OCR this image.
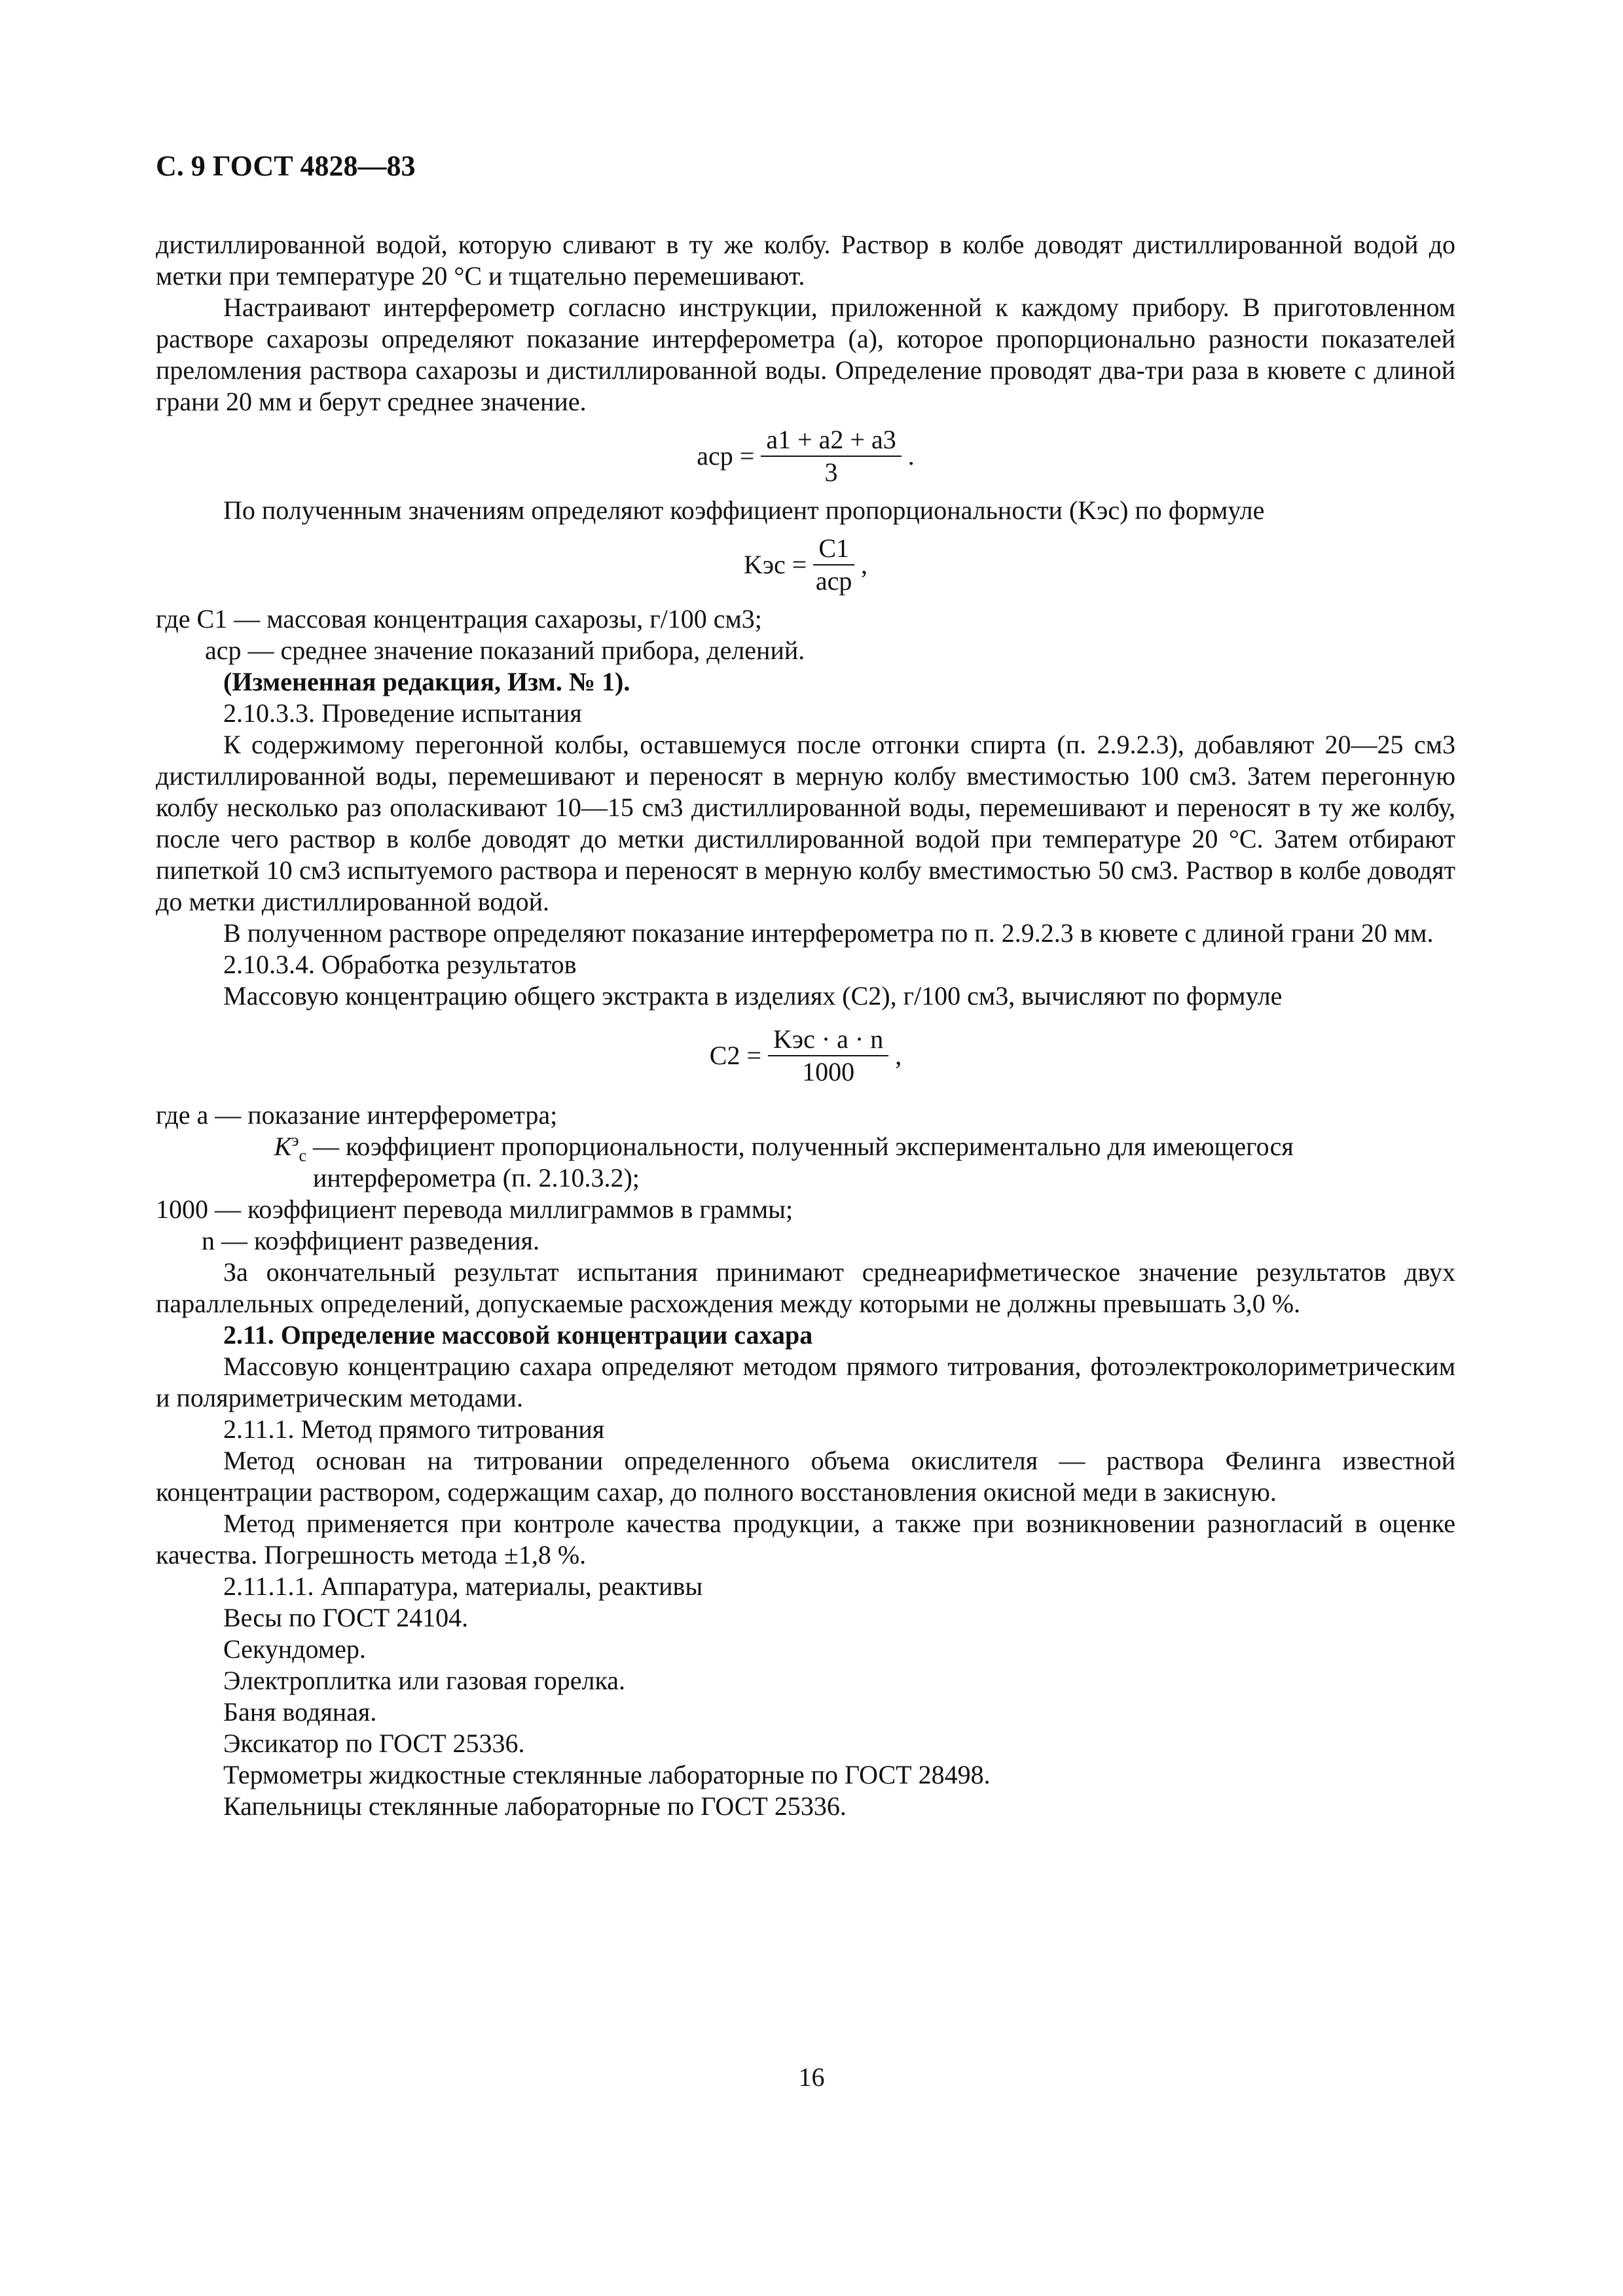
С. 9 ГОСТ 4828—83

дистиллированной водой, которую сливают в ту же колбу. Раствор в колбе доводят дистиллированной водой до метки при температуре 20 °С и тщательно перемешивают.

Настраивают интерферометр согласно инструкции, приложенной к каждому прибору. В приготовленном растворе сахарозы определяют показание интерферометра (а), которое пропорционально разности показателей преломления раствора сахарозы и дистиллированной воды. Определение проводят два-три раза в кювете с длиной грани 20 мм и берут среднее значение.

aср = $\frac{a1 + a2 + a3}{3}$ .

По полученным значениям определяют коэффициент пропорциональности (Kэс) по формуле

Kэс = $\frac{C1}{\text{aср}}$ ,

где C1 — массовая концентрация сахарозы, г/100 см3;

aср — среднее значение показаний прибора, делений.

(Измененная редакция, Изм. № 1).

2.10.3.3. Проведение испытания

К содержимому перегонной колбы, оставшемуся после отгонки спирта (п. 2.9.2.3), добавляют 20—25 см3 дистиллированной воды, перемешивают и переносят в мерную колбу вместимостью 100 см3. Затем перегонную колбу несколько раз ополаскивают 10—15 см3 дистиллированной воды, перемешивают и переносят в ту же колбу, после чего раствор в колбе доводят до метки дистиллированной водой при температуре 20 °С. Затем отбирают пипеткой 10 см3 испытуемого раствора и переносят в мерную колбу вместимостью 50 см3. Раствор в колбе доводят до метки дистиллированной водой.

В полученном растворе определяют показание интерферометра по п. 2.9.2.3 в кювете с длиной грани 20 мм.

2.10.3.4. Обработка результатов

Массовую концентрацию общего экстракта в изделиях (C2), г/100 см3, вычисляют по формуле

$C2 = \frac{\text{Kэс · a · n}}{1000}$ ,

где а — показание интерферометра;

$K^э_с$ — коэффициент пропорциональности, полученный экспериментально для имеющегося интерферометра (п. 2.10.3.2);

1000 — коэффициент перевода миллиграммов в граммы;

n — коэффициент разведения.

За окончательный результат испытания принимают среднеарифметическое значение результатов двух параллельных определений, допускаемые расхождения между которыми не должны превышать 3,0 %.

2.11. Определение массовой концентрации сахара

Массовую концентрацию сахара определяют методом прямого титрования, фотоэлектроколориметрическим и поляриметрическим методами.

2.11.1. Метод прямого титрования

Метод основан на титровании определенного объема окислителя — раствора Фелинга известной концентрации раствором, содержащим сахар, до полного восстановления окисной меди в закисную.

Метод применяется при контроле качества продукции, а также при возникновении разногласий в оценке качества. Погрешность метода ±1,8 %.

2.11.1.1. Аппаратура, материалы, реактивы

Весы по ГОСТ 24104.

Секундомер.

Электроплитка или газовая горелка.

Баня водяная.

Эксикатор по ГОСТ 25336.

Термометры жидкостные стеклянные лабораторные по ГОСТ 28498.

Капельницы стеклянные лабораторные по ГОСТ 25336.

16
